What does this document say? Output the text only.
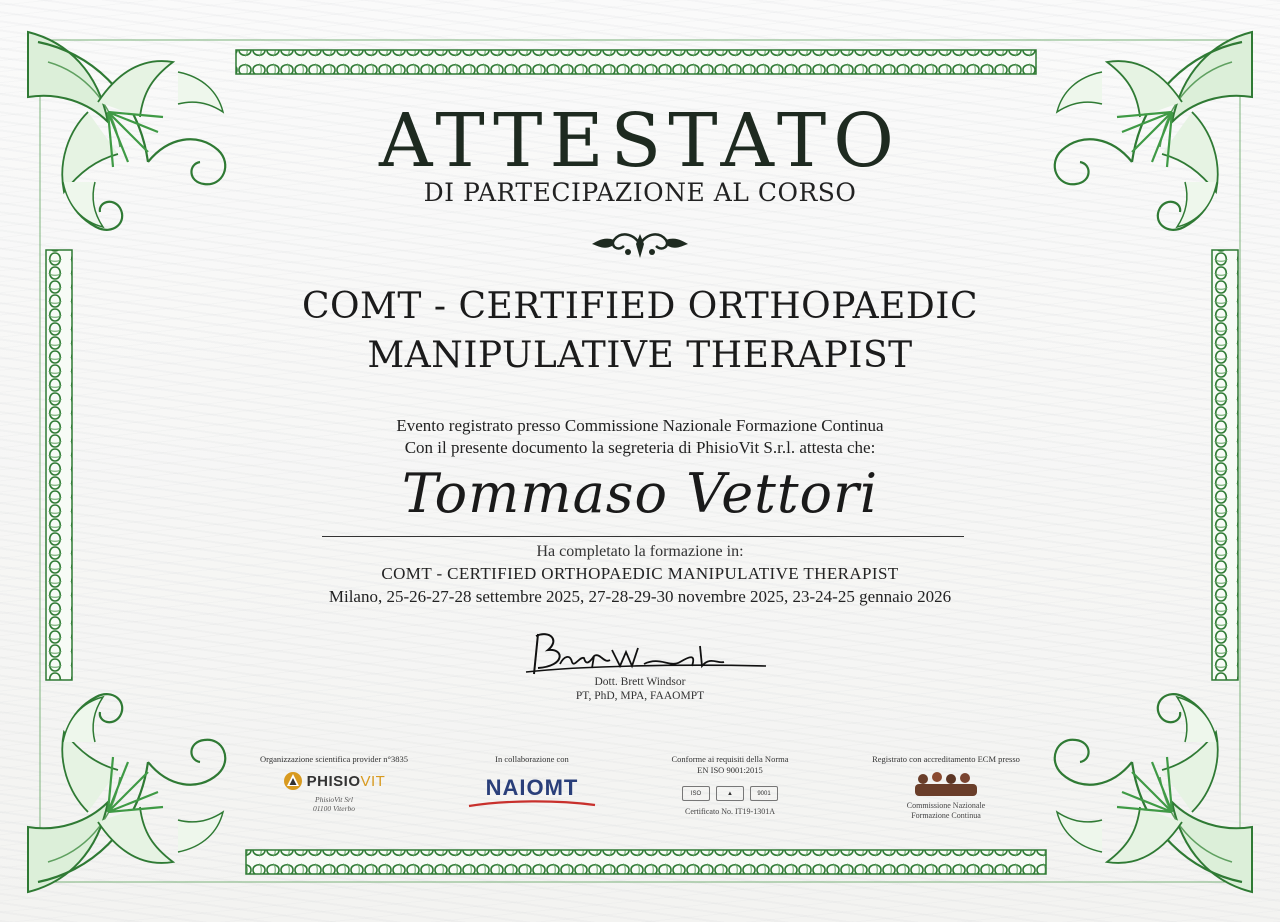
ATTESTATO
DI PARTECIPAZIONE AL CORSO
COMT - CERTIFIED ORTHOPAEDIC
MANIPULATIVE THERAPIST
Evento registrato presso Commissione Nazionale Formazione Continua
Con il presente documento la segreteria di PhisioVit S.r.l. attesta che:
Tommaso Vettori
Ha completato la formazione in:
COMT - CERTIFIED ORTHOPAEDIC MANIPULATIVE THERAPIST
Milano, 25-26-27-28 settembre 2025, 27-28-29-30 novembre 2025, 23-24-25 gennaio 2026
Dott. Brett Windsor
PT, PhD, MPA, FAAOMPT
Organizzazione scientifica provider n°3835
PHISIOVIT
PhisioVit Srl
01100 Viterbo
In collaborazione con
NAIOMT
Conforme ai requisiti della Norma
EN ISO 9001:2015
ISO	▲	9001
Certificato No. IT19-1301A
Registrato con accreditamento ECM presso
Commissione Nazionale
Formazione Continua
